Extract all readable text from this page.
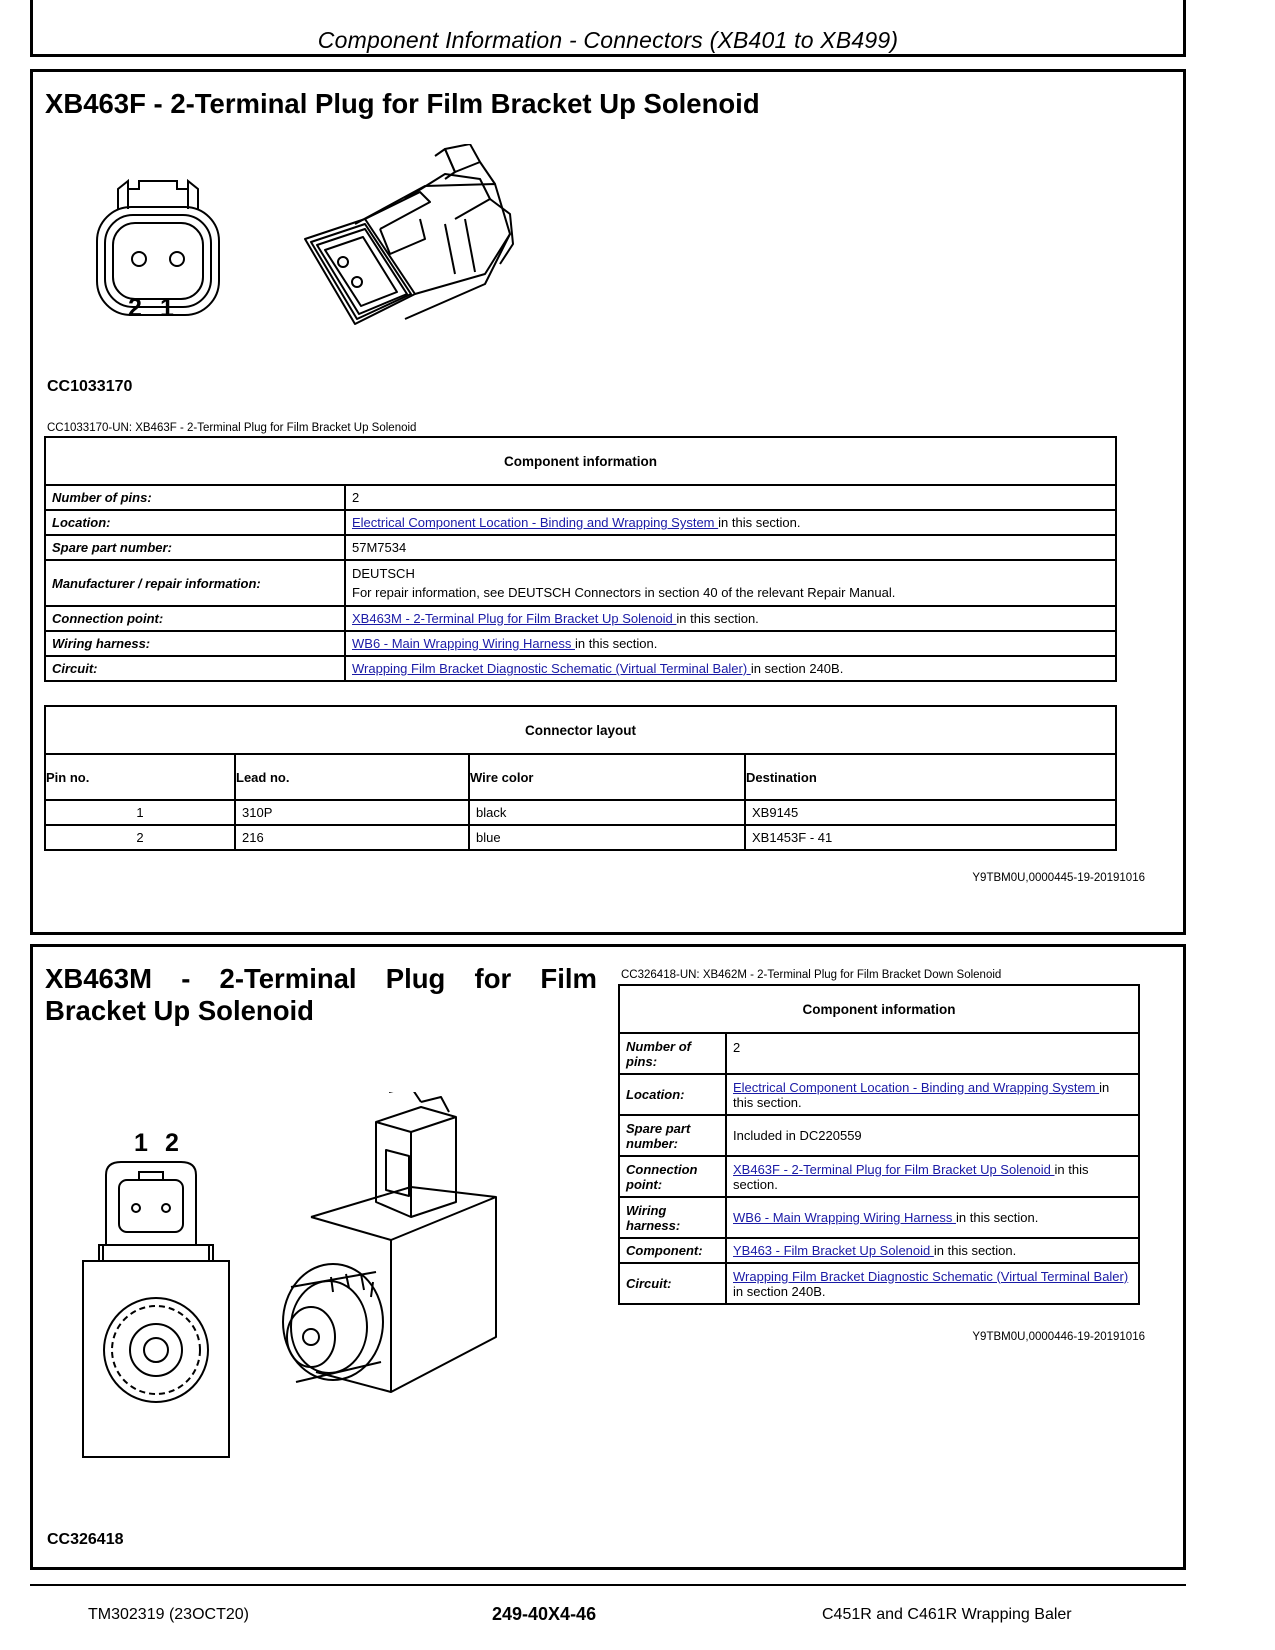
Component Information - Connectors (XB401 to XB499)
XB463F - 2-Terminal Plug for Film Bracket Up Solenoid
2 1
CC1033170
CC1033170-UN: XB463F - 2-Terminal Plug for Film Bracket Up Solenoid
Component information	
Number of pins:	2
Location:	Electrical Component Location - Binding and Wrapping System in this section.
Spare part number:	57M7534
Manufacturer / repair information:	DEUTSCH
For repair information, see DEUTSCH Connectors in section 40 of the relevant Repair Manual.

Connection point:	XB463M - 2-Terminal Plug for Film Bracket Up Solenoid in this section.
Wiring harness:	WB6 - Main Wrapping Wiring Harness in this section.
Circuit:	Wrapping Film Bracket Diagnostic Schematic (Virtual Terminal Baler) in section 240B.
Connector layout			
Pin no.	Lead no.	Wire color	Destination
1	310P	black	XB9145
2	216	blue	XB1453F - 41
Y9TBM0U,0000445-19-20191016
XB463M - 2-Terminal Plug for Film
Bracket Up Solenoid
1 2
CC326418
CC326418-UN: XB462M - 2-Terminal Plug for Film Bracket Down Solenoid
Component information	
Number of pins:	2
Location:	Electrical Component Location - Binding and Wrapping System in this section.
Spare part number:	Included in DC220559
Connection point:	XB463F - 2-Terminal Plug for Film Bracket Up Solenoid in this section.
Wiring harness:	WB6 - Main Wrapping Wiring Harness in this section.
Component:	YB463 - Film Bracket Up Solenoid in this section.
Circuit:	Wrapping Film Bracket Diagnostic Schematic (Virtual Terminal Baler) in section 240B.
Y9TBM0U,0000446-19-20191016
TM302319 (23OCT20)	249-40X4-46	C451R and C461R Wrapping Baler
